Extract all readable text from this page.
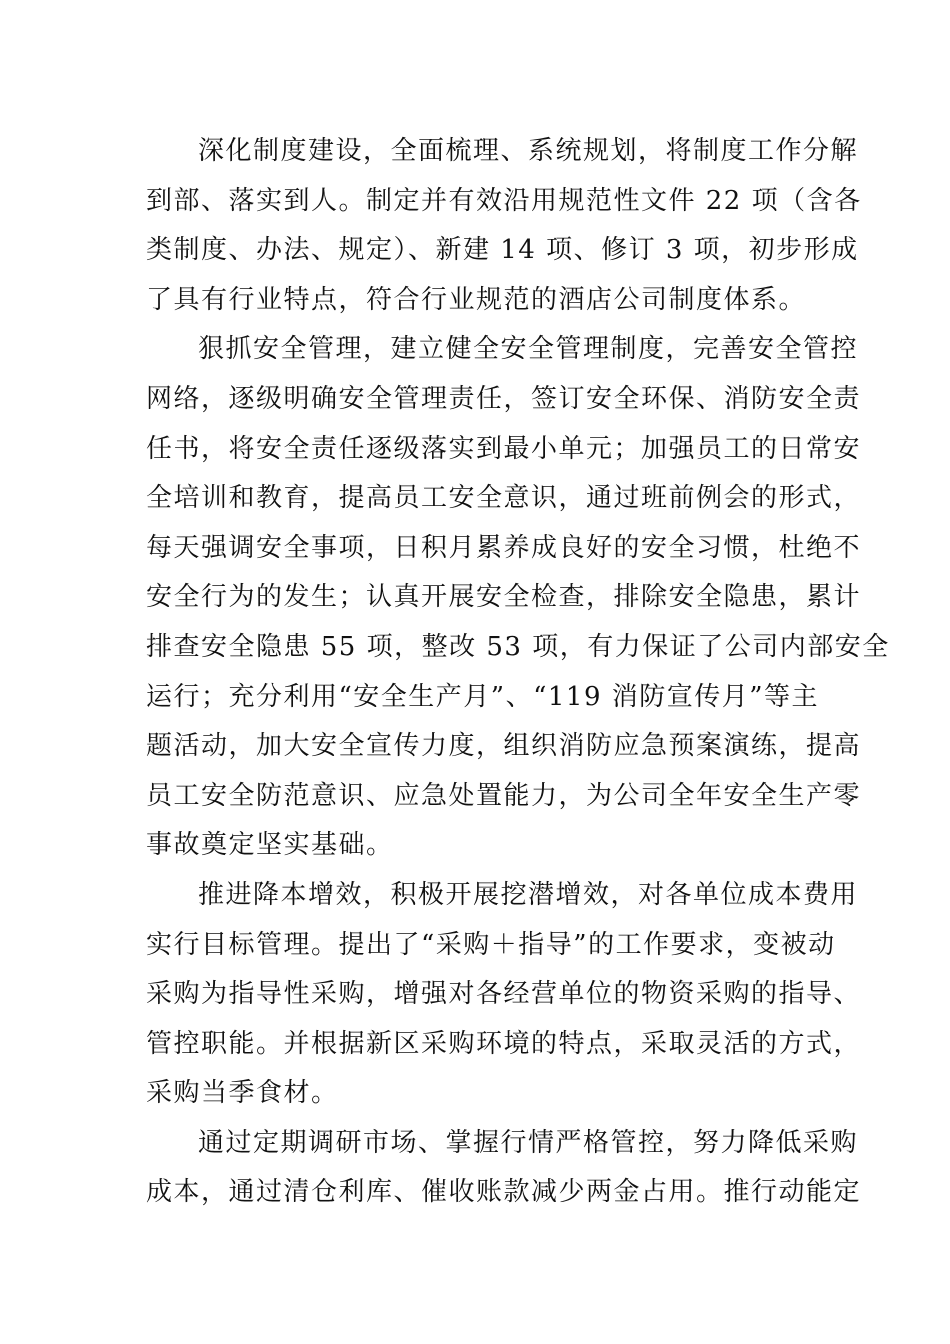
深化制度建设，全面梳理、系统规划，将制度工作分解
到部、落实到人。制定并有效沿用规范性文件 22 项（含各
类制度、办法、规定）、新建 14 项、修订 3 项，初步形成
了具有行业特点，符合行业规范的酒店公司制度体系。
狠抓安全管理，建立健全安全管理制度，完善安全管控
网络，逐级明确安全管理责任，签订安全环保、消防安全责
任书，将安全责任逐级落实到最小单元；加强员工的日常安
全培训和教育，提高员工安全意识，通过班前例会的形式，
每天强调安全事项，日积月累养成良好的安全习惯，杜绝不
安全行为的发生；认真开展安全检查，排除安全隐患，累计
排查安全隐患 55 项，整改 53 项，有力保证了公司内部安全
运行；充分利用“安全生产月”、“119 消防宣传月”等主
题活动，加大安全宣传力度，组织消防应急预案演练，提高
员工安全防范意识、应急处置能力，为公司全年安全生产零
事故奠定坚实基础。
推进降本增效，积极开展挖潜增效，对各单位成本费用
实行目标管理。提出了“采购＋指导”的工作要求，变被动
采购为指导性采购，增强对各经营单位的物资采购的指导、
管控职能。并根据新区采购环境的特点，采取灵活的方式，
采购当季食材。
通过定期调研市场、掌握行情严格管控，努力降低采购
成本，通过清仓利库、催收账款减少两金占用。推行动能定
